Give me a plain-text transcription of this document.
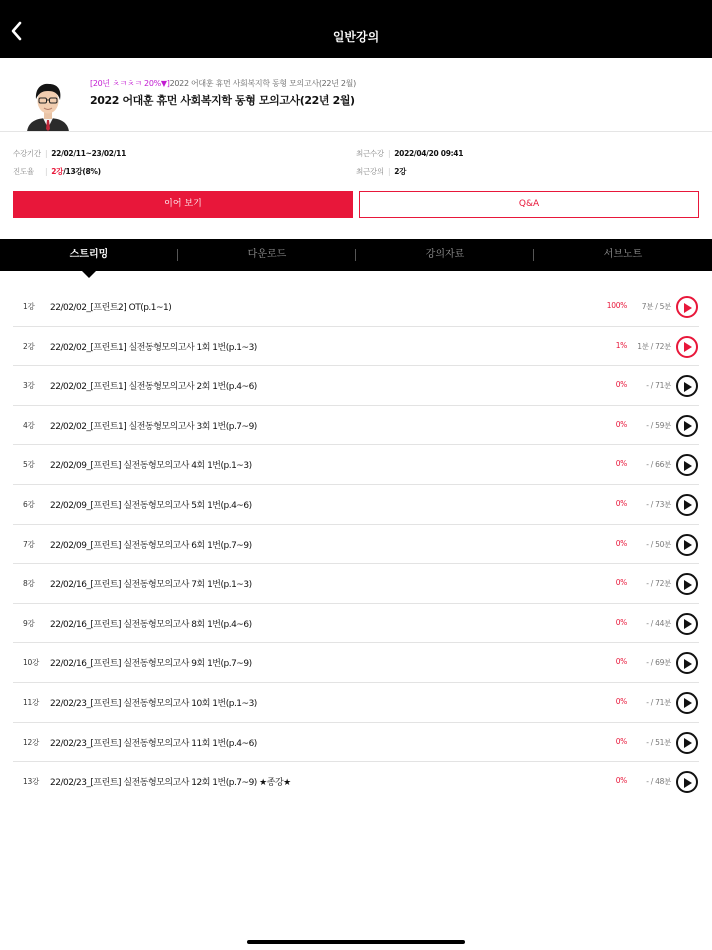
일반강의
[20년 ㅊㅋㅊㅋ 20%▼]2022 어대훈 휴먼 사회복지학 동형 모의고사(22년 2월)
2022 어대훈 휴먼 사회복지학 동형 모의고사(22년 2월)
수강기간 | 22/02/11~23/02/11
진도율 | 2강/13강(8%)
최근수강 | 2022/04/20 09:41
최근강의 | 2강
이어 보기	Q&A
스트리밍	다운로드	강의자료	서브노트
1강 22/02/02_[프린트2] OT(p.1~1)	100% 7분 / 5분
2강 22/02/02_[프린트1] 실전동형모의고사 1회 1번(p.1~3)	1% 1분 / 72분
3강 22/02/02_[프린트1] 실전동형모의고사 2회 1번(p.4~6)	0%	- / 71분
4강 22/02/02_[프린트1] 실전동형모의고사 3회 1번(p.7~9)	0%	- / 59분
5강 22/02/09_[프린트] 실전동형모의고사 4회 1번(p.1~3)	0%	- / 66분
6강 22/02/09_[프린트] 실전동형모의고사 5회 1번(p.4~6)	0%	- / 73분
7강 22/02/09_[프린트] 실전동형모의고사 6회 1번(p.7~9)	0%	- / 50분
8강 22/02/16_[프린트] 실전동형모의고사 7회 1번(p.1~3)	0%	- / 72분
9강 22/02/16_[프린트] 실전동형모의고사 8회 1번(p.4~6)	0%	- / 44분
10강 22/02/16_[프린트] 실전동형모의고사 9회 1번(p.7~9)	0%	- / 69분
11강 22/02/23_[프린트] 실전동형모의고사 10회 1번(p.1~3)	0%	- / 71분
12강 22/02/23_[프린트] 실전동형모의고사 11회 1번(p.4~6)	0%	- / 51분
13강 22/02/23_[프린트] 실전동형모의고사 12회 1번(p.7~9) ★종강★	0%	- / 48분
